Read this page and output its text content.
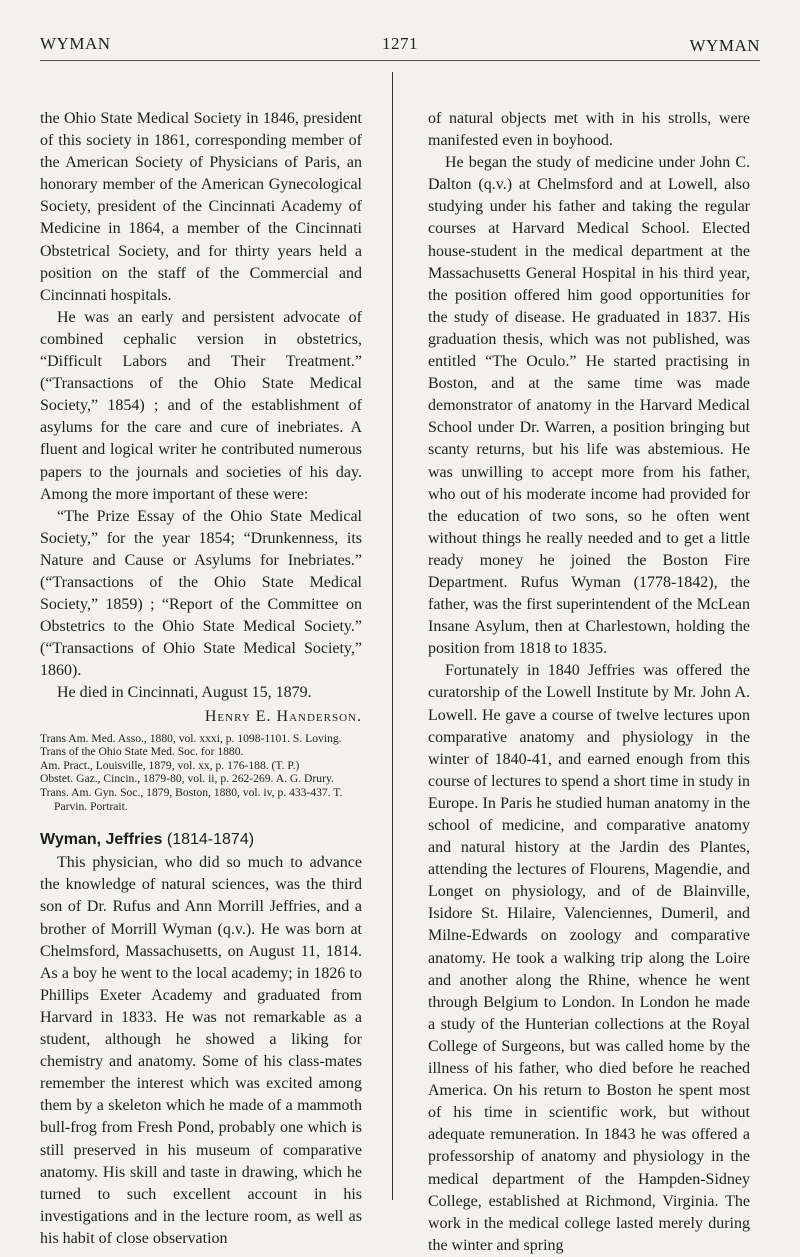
WYMAN	1271	WYMAN

the Ohio State Medical Society in 1846, president of this society in 1861, corresponding member of the American Society of Physicians of Paris, an honorary member of the American Gynecological Society, president of the Cincinnati Academy of Medicine in 1864, a member of the Cincinnati Obstetrical Society, and for thirty years held a position on the staff of the Commercial and Cincinnati hospitals.

He was an early and persistent advocate of combined cephalic version in obstetrics, “Difficult Labors and Their Treatment.” (“Transactions of the Ohio State Medical Society,” 1854) ; and of the establishment of asylums for the care and cure of inebriates. A fluent and logical writer he contributed numerous papers to the journals and societies of his day. Among the more important of these were:

“The Prize Essay of the Ohio State Medical Society,” for the year 1854; “Drunkenness, its Nature and Cause or Asylums for Inebriates.” (“Transactions of the Ohio State Medical Society,” 1859) ; “Report of the Committee on Obstetrics to the Ohio State Medical Society.” (“Transactions of Ohio State Medical Society,” 1860).

He died in Cincinnati, August 15, 1879.

Henry E. Handerson.

Trans Am. Med. Asso., 1880, vol. xxxi, p. 1098-1101. S. Loving.
Trans of the Ohio State Med. Soc. for 1880.
Am. Pract., Louisville, 1879, vol. xx, p. 176-188. (T. P.)
Obstet. Gaz., Cincin., 1879-80, vol. ii, p. 262-269. A. G. Drury.
Trans. Am. Gyn. Soc., 1879, Boston, 1880, vol. iv, p. 433-437. T. Parvin. Portrait.
Wyman, Jeffries (1814-1874)

This physician, who did so much to advance the knowledge of natural sciences, was the third son of Dr. Rufus and Ann Morrill Jeffries, and a brother of Morrill Wyman (q.v.). He was born at Chelmsford, Massachusetts, on August 11, 1814. As a boy he went to the local academy; in 1826 to Phillips Exeter Academy and graduated from Harvard in 1833. He was not remarkable as a student, although he showed a liking for chemistry and anatomy. Some of his class-mates remember the interest which was excited among them by a skeleton which he made of a mammoth bull-frog from Fresh Pond, probably one which is still preserved in his museum of comparative anatomy. His skill and taste in drawing, which he turned to such excellent account in his investigations and in the lecture room, as well as his habit of close observation

of natural objects met with in his strolls, were manifested even in boyhood.

He began the study of medicine under John C. Dalton (q.v.) at Chelmsford and at Lowell, also studying under his father and taking the regular courses at Harvard Medical School. Elected house-student in the medical department at the Massachusetts General Hospital in his third year, the position offered him good opportunities for the study of disease. He graduated in 1837. His graduation thesis, which was not published, was entitled “The Oculo.” He started practising in Boston, and at the same time was made demonstrator of anatomy in the Harvard Medical School under Dr. Warren, a position bringing but scanty returns, but his life was abstemious. He was unwilling to accept more from his father, who out of his moderate income had provided for the education of two sons, so he often went without things he really needed and to get a little ready money he joined the Boston Fire Department. Rufus Wyman (1778-1842), the father, was the first superintendent of the McLean Insane Asylum, then at Charlestown, holding the position from 1818 to 1835.

Fortunately in 1840 Jeffries was offered the curatorship of the Lowell Institute by Mr. John A. Lowell. He gave a course of twelve lectures upon comparative anatomy and physiology in the winter of 1840-41, and earned enough from this course of lectures to spend a short time in study in Europe. In Paris he studied human anatomy in the school of medicine, and comparative anatomy and natural history at the Jardin des Plantes, attending the lectures of Flourens, Magendie, and Longet on physiology, and of de Blainville, Isidore St. Hilaire, Valenciennes, Dumeril, and Milne-Edwards on zoology and comparative anatomy. He took a walking trip along the Loire and another along the Rhine, whence he went through Belgium to London. In London he made a study of the Hunterian collections at the Royal College of Surgeons, but was called home by the illness of his father, who died before he reached America. On his return to Boston he spent most of his time in scientific work, but without adequate remuneration. In 1843 he was offered a professorship of anatomy and physiology in the medical department of the Hampden-Sidney College, established at Richmond, Virginia. The work in the medical college lasted merely during the winter and spring
